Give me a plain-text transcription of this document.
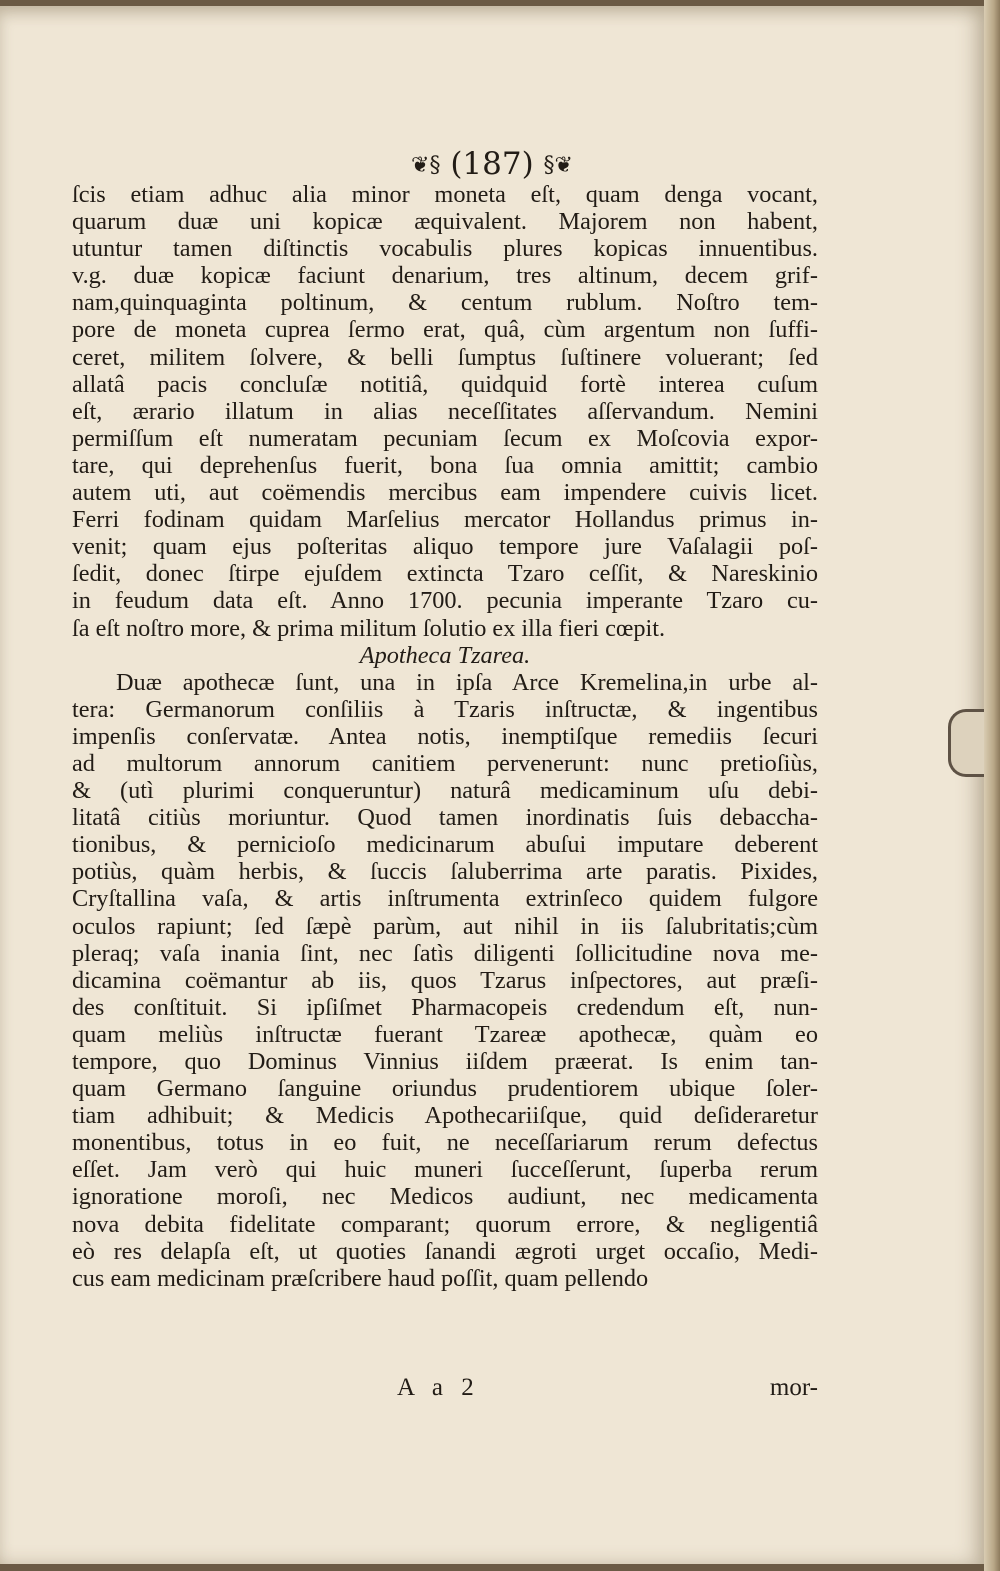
❦§ (187) §❦
ſcis etiam adhuc alia minor moneta eſt, quam denga vocant,
quarum duæ uni kopicæ æquivalent. Majorem non habent,
utuntur tamen diſtinctis vocabulis plures kopicas innuentibus.
v.g. duæ kopicæ faciunt denarium, tres altinum, decem grif-
nam,quinquaginta poltinum, & centum rublum. Noſtro tem-
pore de moneta cuprea ſermo erat, quâ, cùm argentum non ſuffi-
ceret, militem ſolvere, & belli ſumptus ſuſtinere voluerant; ſed
allatâ pacis concluſæ notitiâ, quidquid fortè interea cuſum
eſt, ærario illatum in alias neceſſitates aſſervandum. Nemini
permiſſum eſt numeratam pecuniam ſecum ex Moſcovia expor-
tare, qui deprehenſus fuerit, bona ſua omnia amittit; cambio
autem uti, aut coëmendis mercibus eam impendere cuivis licet.
Ferri fodinam quidam Marſelius mercator Hollandus primus in-
venit; quam ejus poſteritas aliquo tempore jure Vaſalagii poſ-
ſedit, donec ſtirpe ejuſdem extincta Tzaro ceſſit, & Nareskinio
in feudum data eſt. Anno 1700. pecunia imperante Tzaro cu-
ſa eſt noſtro more, & prima militum ſolutio ex illa fieri cœpit.
Apotheca Tzarea.
Duæ apothecæ ſunt, una in ipſa Arce Kremelina,in urbe al-
tera: Germanorum conſiliis à Tzaris inſtructæ, & ingentibus
impenſis conſervatæ. Antea notis, inemptiſque remediis ſecuri
ad multorum annorum canitiem pervenerunt: nunc pretioſiùs,
& (utì plurimi conqueruntur) naturâ medicaminum uſu debi-
litatâ citiùs moriuntur. Quod tamen inordinatis ſuis debaccha-
tionibus, & pernicioſo medicinarum abuſui imputare deberent
potiùs, quàm herbis, & ſuccis ſaluberrima arte paratis. Pixides,
Cryſtallina vaſa, & artis inſtrumenta extrinſeco quidem fulgore
oculos rapiunt; ſed ſæpè parùm, aut nihil in iis ſalubritatis;cùm
pleraq; vaſa inania ſint, nec ſatìs diligenti ſollicitudine nova me-
dicamina coëmantur ab iis, quos Tzarus inſpectores, aut præſi-
des conſtituit. Si ipſiſmet Pharmacopeis credendum eſt, nun-
quam meliùs inſtructæ fuerant Tzareæ apothecæ, quàm eo
tempore, quo Dominus Vinnius iiſdem præerat. Is enim tan-
quam Germano ſanguine oriundus prudentiorem ubique ſoler-
tiam adhibuit; & Medicis Apothecariiſque, quid deſideraretur
monentibus, totus in eo fuit, ne neceſſariarum rerum defectus
eſſet. Jam verò qui huic muneri ſucceſſerunt, ſuperba rerum
ignoratione moroſi, nec Medicos audiunt, nec medicamenta
nova debita fidelitate comparant; quorum errore, & negligentiâ
eò res delapſa eſt, ut quoties ſanandi ægroti urget occaſio, Medi-
cus eam medicinam præſcribere haud poſſit, quam pellendo
A a 2	mor-
